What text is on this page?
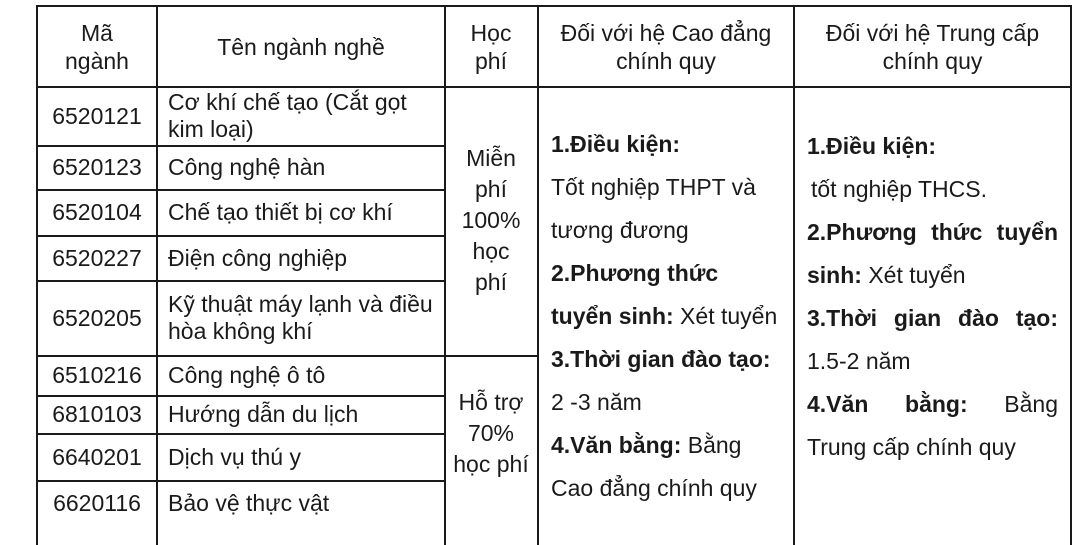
Mã ngành
Tên ngành nghề
Học phí
Đối với hệ Cao đẳng chính quy
Đối với hệ Trung cấp chính quy
6520121
6520123
6520104
6520227
6520205
6510216
6810103
6640201
6620116
Cơ khí chế tạo (Cắt gọt kim loại)
Công nghệ hàn
Chế tạo thiết bị cơ khí
Điện công nghiệp
Kỹ thuật máy lạnh và điều hòa không khí
Công nghệ ô tô
Hướng dẫn du lịch
Dịch vụ thú y
Bảo vệ thực vật
Miễn phí 100% học phí
Hỗ trợ 70% học phí

1.Điều kiện:

Tốt nghiệp THPT và tương đương

2.Phương thức tuyển sinh: Xét tuyển

3.Thời gian đào tạo:

2 -3 năm

4.Văn bằng: Bằng

Cao đẳng chính quy

1.Điều kiện:

tốt nghiệp THCS.

2.Phương thức tuyển

sinh: Xét tuyển

3.Thời gian đào tạo:

1.5-2 năm

4.Văn bằng: Bằng

Trung cấp chính quy
